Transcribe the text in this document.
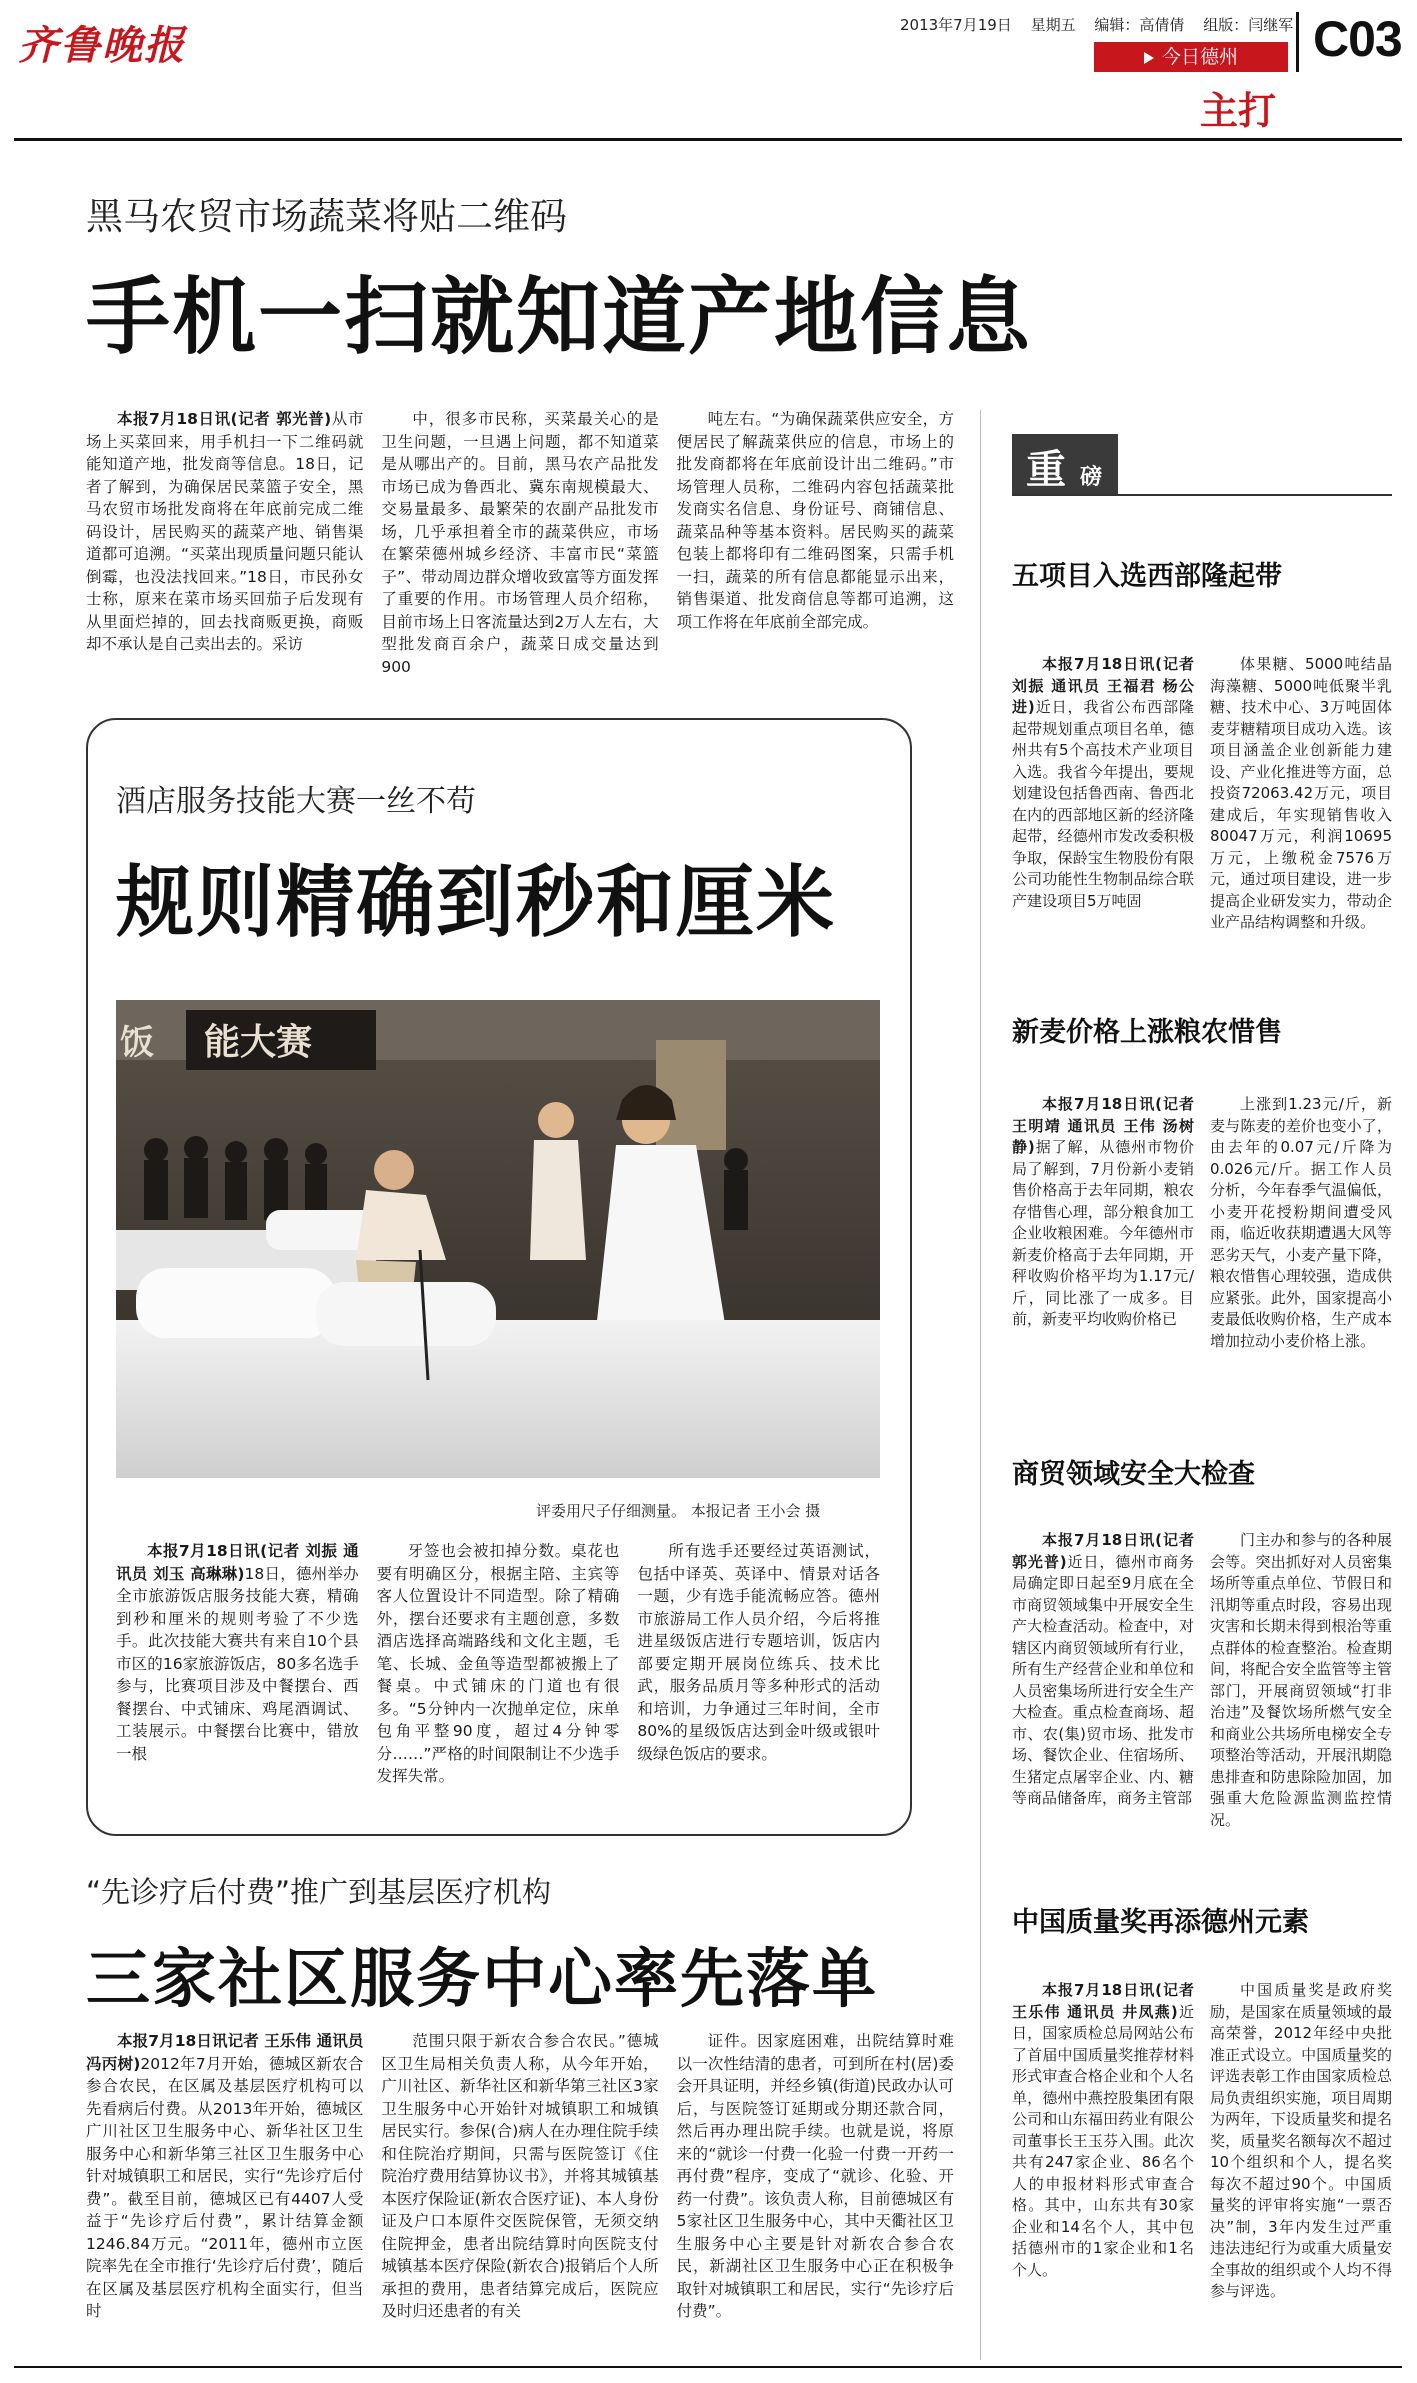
齐鲁晚报	2013年7月19日 星期五 编辑：高倩倩 组版：闫继军 C03
今日德州
主打
黑马农贸市场蔬菜将贴二维码
手机一扫就知道产地信息

本报7月18日讯(记者 郭光普)从市场上买菜回来，用手机扫一下二维码就能知道产地，批发商等信息。18日，记者了解到，为确保居民菜篮子安全，黑马农贸市场批发商将在年底前完成二维码设计，居民购买的蔬菜产地、销售渠道都可追溯。“买菜出现质量问题只能认倒霉，也没法找回来。”18日，市民孙女士称，原来在菜市场买回茄子后发现有从里面烂掉的，回去找商贩更换，商贩却不承认是自己卖出去的。采访

中，很多市民称，买菜最关心的是卫生问题，一旦遇上问题，都不知道菜是从哪出产的。目前，黑马农产品批发市场已成为鲁西北、冀东南规模最大、交易量最多、最繁荣的农副产品批发市场，几乎承担着全市的蔬菜供应，市场在繁荣德州城乡经济、丰富市民“菜篮子”、带动周边群众增收致富等方面发挥了重要的作用。市场管理人员介绍称，目前市场上日客流量达到2万人左右，大型批发商百余户，蔬菜日成交量达到900

吨左右。“为确保蔬菜供应安全，方便居民了解蔬菜供应的信息，市场上的批发商都将在年底前设计出二维码。”市场管理人员称，二维码内容包括蔬菜批发商实名信息、身份证号、商铺信息、蔬菜品种等基本资料。居民购买的蔬菜包装上都将印有二维码图案，只需手机一扫，蔬菜的所有信息都能显示出来，销售渠道、批发商信息等都可追溯，这项工作将在年底前全部完成。

酒店服务技能大赛一丝不苟
规则精确到秒和厘米
能大赛
饭
评委用尺子仔细测量。 本报记者 王小会 摄

本报7月18日讯(记者 刘振 通讯员 刘玉 高琳琳)18日，德州举办全市旅游饭店服务技能大赛，精确到秒和厘米的规则考验了不少选手。此次技能大赛共有来自10个县市区的16家旅游饭店，80多名选手参与，比赛项目涉及中餐摆台、西餐摆台、中式铺床、鸡尾酒调试、工装展示。中餐摆台比赛中，错放一根

牙签也会被扣掉分数。桌花也要有明确区分，根据主陪、主宾等客人位置设计不同造型。除了精确外，摆台还要求有主题创意，多数酒店选择高端路线和文化主题，毛笔、长城、金鱼等造型都被搬上了餐桌。中式铺床的门道也有很多。“5分钟内一次抛单定位，床单包角平整90度，超过4分钟零分……”严格的时间限制让不少选手发挥失常。

所有选手还要经过英语测试，包括中译英、英译中、情景对话各一题，少有选手能流畅应答。德州市旅游局工作人员介绍，今后将推进星级饭店进行专题培训，饭店内部要定期开展岗位练兵、技术比武，服务品质月等多种形式的活动和培训，力争通过三年时间，全市80%的星级饭店达到金叶级或银叶级绿色饭店的要求。

“先诊疗后付费”推广到基层医疗机构
三家社区服务中心率先落单

本报7月18日讯记者 王乐伟 通讯员 冯丙树)2012年7月开始，德城区新农合参合农民，在区属及基层医疗机构可以先看病后付费。从2013年开始，德城区广川社区卫生服务中心、新华社区卫生服务中心和新华第三社区卫生服务中心针对城镇职工和居民，实行“先诊疗后付费”。截至目前，德城区已有4407人受益于“先诊疗后付费”，累计结算金额1246.84万元。“2011年，德州市立医院率先在全市推行‘先诊疗后付费’，随后在区属及基层医疗机构全面实行，但当时

范围只限于新农合参合农民。”德城区卫生局相关负责人称，从今年开始，广川社区、新华社区和新华第三社区3家卫生服务中心开始针对城镇职工和城镇居民实行。参保(合)病人在办理住院手续和住院治疗期间，只需与医院签订《住院治疗费用结算协议书》，并将其城镇基本医疗保险证(新农合医疗证)、本人身份证及户口本原件交医院保管，无须交纳住院押金，患者出院结算时向医院支付城镇基本医疗保险(新农合)报销后个人所承担的费用，患者结算完成后，医院应及时归还患者的有关

证件。因家庭困难，出院结算时难以一次性结清的患者，可到所在村(居)委会开具证明，并经乡镇(街道)民政办认可后，与医院签订延期或分期还款合同，然后再办理出院手续。也就是说，将原来的“就诊一付费一化验一付费一开药一再付费”程序，变成了“就诊、化验、开药一付费”。该负责人称，目前德城区有5家社区卫生服务中心，其中天衢社区卫生服务中心主要是针对新农合参合农民，新湖社区卫生服务中心正在积极争取针对城镇职工和居民，实行“先诊疗后付费”。

重 磅
五项目入选西部隆起带

本报7月18日讯(记者 刘振 通讯员 王福君 杨公进)近日，我省公布西部隆起带规划重点项目名单，德州共有5个高技术产业项目入选。我省今年提出，要规划建设包括鲁西南、鲁西北在内的西部地区新的经济隆起带，经德州市发改委积极争取，保龄宝生物股份有限公司功能性生物制品综合联产建设项目5万吨固

体果糖、5000吨结晶海藻糖、5000吨低聚半乳糖、技术中心、3万吨固体麦芽糖精项目成功入选。该项目涵盖企业创新能力建设、产业化推进等方面，总投资72063.42万元，项目建成后，年实现销售收入80047万元，利润10695万元，上缴税金7576万元，通过项目建设，进一步提高企业研发实力，带动企业产品结构调整和升级。

新麦价格上涨粮农惜售

本报7月18日讯(记者 王明靖 通讯员 王伟 汤树静)据了解，从德州市物价局了解到，7月份新小麦销售价格高于去年同期，粮农存惜售心理，部分粮食加工企业收粮困难。今年德州市新麦价格高于去年同期，开秤收购价格平均为1.17元/斤，同比涨了一成多。目前，新麦平均收购价格已

上涨到1.23元/斤，新麦与陈麦的差价也变小了，由去年的0.07元/斤降为0.026元/斤。据工作人员分析，今年春季气温偏低，小麦开花授粉期间遭受风雨，临近收获期遭遇大风等恶劣天气，小麦产量下降，粮农惜售心理较强，造成供应紧张。此外，国家提高小麦最低收购价格，生产成本增加拉动小麦价格上涨。

商贸领域安全大检查

本报7月18日讯(记者 郭光普)近日，德州市商务局确定即日起至9月底在全市商贸领域集中开展安全生产大检查活动。检查中，对辖区内商贸领域所有行业，所有生产经营企业和单位和人员密集场所进行安全生产大检查。重点检查商场、超市、农(集)贸市场、批发市场、餐饮企业、住宿场所、生猪定点屠宰企业、内、糖等商品储备库，商务主管部

门主办和参与的各种展会等。突出抓好对人员密集场所等重点单位、节假日和汛期等重点时段，容易出现灾害和长期未得到根治等重点群体的检查整治。检查期间，将配合安全监管等主管部门，开展商贸领域“打非治违”及餐饮场所燃气安全和商业公共场所电梯安全专项整治等活动，开展汛期隐患排查和防患除险加固，加强重大危险源监测监控情况。

中国质量奖再添德州元素

本报7月18日讯(记者 王乐伟 通讯员 井凤燕)近日，国家质检总局网站公布了首届中国质量奖推荐材料形式审查合格企业和个人名单，德州中燕控股集团有限公司和山东福田药业有限公司董事长王玉芬入围。此次共有247家企业、86名个人的申报材料形式审查合格。其中，山东共有30家企业和14名个人，其中包括德州市的1家企业和1名个人。

中国质量奖是政府奖励，是国家在质量领域的最高荣誉，2012年经中央批准正式设立。中国质量奖的评选表彰工作由国家质检总局负责组织实施，项目周期为两年，下设质量奖和提名奖，质量奖名额每次不超过10个组织和个人，提名奖每次不超过90个。中国质量奖的评审将实施“一票否决”制，3年内发生过严重违法违纪行为或重大质量安全事故的组织或个人均不得参与评选。
